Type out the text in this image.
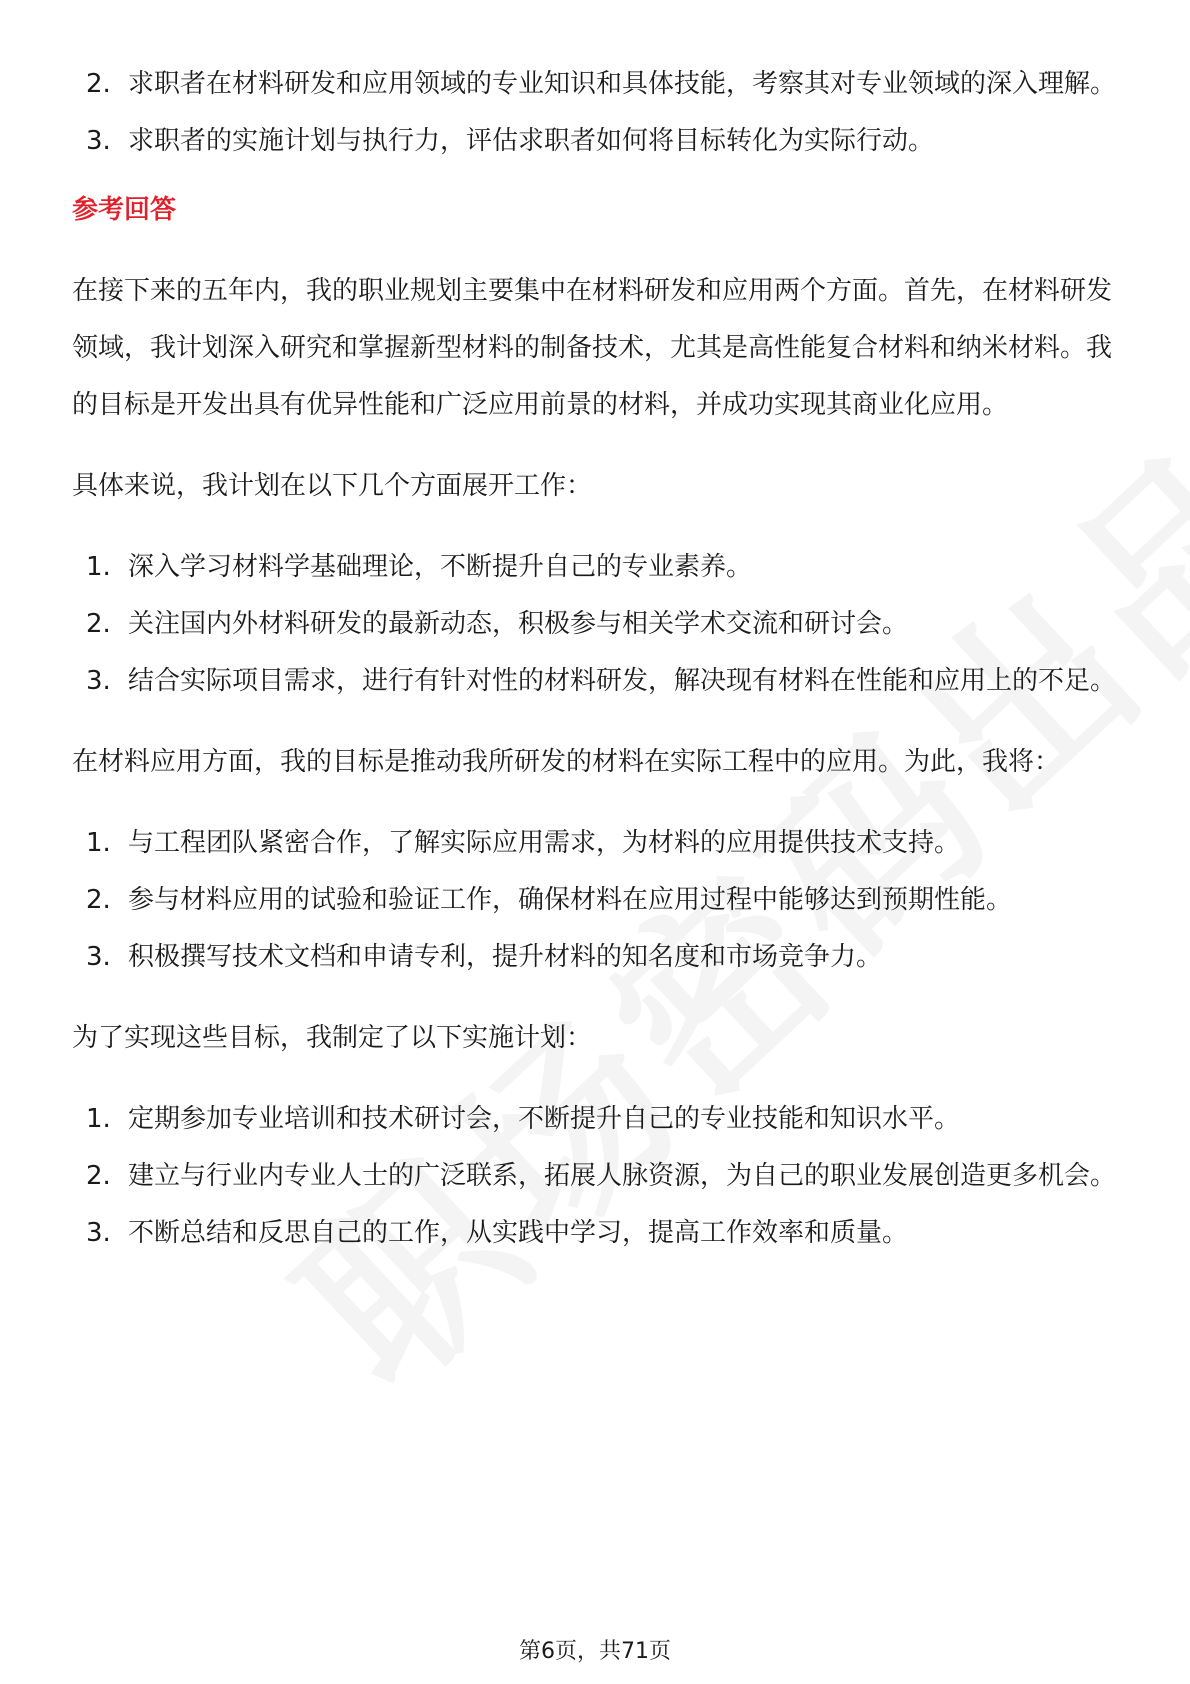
2. 求职者在材料研发和应用领域的专业知识和具体技能，考察其对专业领域的深入理解。
3. 求职者的实施计划与执行力，评估求职者如何将目标转化为实际行动。
参考回答

在接下来的五年内，我的职业规划主要集中在材料研发和应用两个方面。首先，在材料研发领域，我计划深入研究和掌握新型材料的制备技术，尤其是高性能复合材料和纳米材料。我的目标是开发出具有优异性能和广泛应用前景的材料，并成功实现其商业化应用。

具体来说，我计划在以下几个方面展开工作：

1. 深入学习材料学基础理论，不断提升自己的专业素养。
2. 关注国内外材料研发的最新动态，积极参与相关学术交流和研讨会。
3. 结合实际项目需求，进行有针对性的材料研发，解决现有材料在性能和应用上的不足。

在材料应用方面，我的目标是推动我所研发的材料在实际工程中的应用。为此，我将：

1. 与工程团队紧密合作，了解实际应用需求，为材料的应用提供技术支持。
2. 参与材料应用的试验和验证工作，确保材料在应用过程中能够达到预期性能。
3. 积极撰写技术文档和申请专利，提升材料的知名度和市场竞争力。

为了实现这些目标，我制定了以下实施计划：

1. 定期参加专业培训和技术研讨会，不断提升自己的专业技能和知识水平。
2. 建立与行业内专业人士的广泛联系，拓展人脉资源，为自己的职业发展创造更多机会。
3. 不断总结和反思自己的工作，从实践中学习，提高工作效率和质量。
第6页，共71页
